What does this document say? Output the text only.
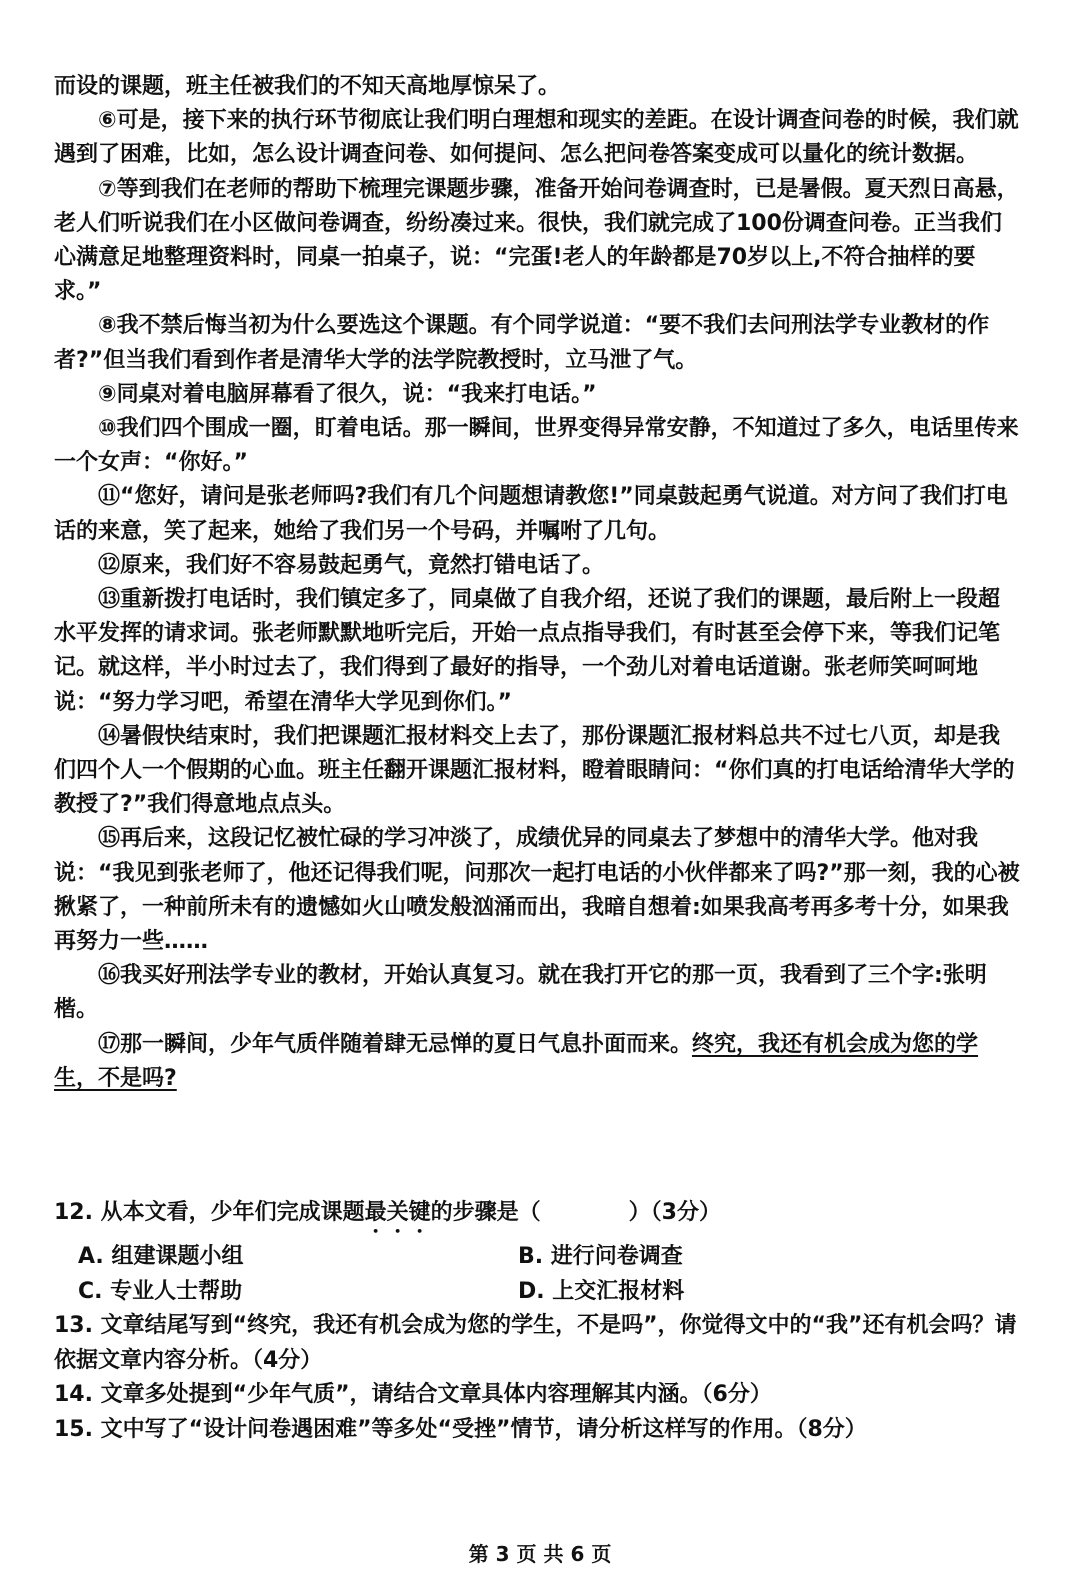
而设的课题，班主任被我们的不知天高地厚惊呆了。

⑥可是，接下来的执行环节彻底让我们明白理想和现实的差距。在设计调查问卷的时候，我们就遇到了困难，比如，怎么设计调查问卷、如何提问、怎么把问卷答案变成可以量化的统计数据。

⑦等到我们在老师的帮助下梳理完课题步骤，准备开始问卷调查时，已是暑假。夏天烈日高悬，老人们听说我们在小区做问卷调查，纷纷凑过来。很快，我们就完成了100份调查问卷。正当我们心满意足地整理资料时，同桌一拍桌子，说：“完蛋!老人的年龄都是70岁以上,不符合抽样的要求。”

⑧我不禁后悔当初为什么要选这个课题。有个同学说道：“要不我们去问刑法学专业教材的作者?”但当我们看到作者是清华大学的法学院教授时，立马泄了气。

⑨同桌对着电脑屏幕看了很久，说：“我来打电话。”

⑩我们四个围成一圈，盯着电话。那一瞬间，世界变得异常安静，不知道过了多久，电话里传来一个女声：“你好。”

⑪“您好，请问是张老师吗?我们有几个问题想请教您!”同桌鼓起勇气说道。对方问了我们打电话的来意，笑了起来，她给了我们另一个号码，并嘱咐了几句。

⑫原来，我们好不容易鼓起勇气，竟然打错电话了。

⑬重新拨打电话时，我们镇定多了，同桌做了自我介绍，还说了我们的课题，最后附上一段超水平发挥的请求词。张老师默默地听完后，开始一点点指导我们，有时甚至会停下来，等我们记笔记。就这样，半小时过去了，我们得到了最好的指导，一个劲儿对着电话道谢。张老师笑呵呵地说：“努力学习吧，希望在清华大学见到你们。”

⑭暑假快结束时，我们把课题汇报材料交上去了，那份课题汇报材料总共不过七八页，却是我们四个人一个假期的心血。班主任翻开课题汇报材料，瞪着眼睛问：“你们真的打电话给清华大学的教授了?”我们得意地点点头。

⑮再后来，这段记忆被忙碌的学习冲淡了，成绩优异的同桌去了梦想中的清华大学。他对我说：“我见到张老师了，他还记得我们呢，问那次一起打电话的小伙伴都来了吗?”那一刻，我的心被揪紧了，一种前所未有的遗憾如火山喷发般汹涌而出，我暗自想着:如果我高考再多考十分，如果我再努力一些……

⑯我买好刑法学专业的教材，开始认真复习。就在我打开它的那一页，我看到了三个字:张明楷。

⑰那一瞬间，少年气质伴随着肆无忌惮的夏日气息扑面而来。终究，我还有机会成为您的学生，不是吗?

12. 从本文看，少年们完成课题最关键的步骤是（　　　　）（3分）

A. 组建课题小组	B. 进行问卷调查
C. 专业人士帮助	D. 上交汇报材料

13. 文章结尾写到“终究，我还有机会成为您的学生，不是吗”，你觉得文中的“我”还有机会吗？请依据文章内容分析。（4分）

14. 文章多处提到“少年气质”，请结合文章具体内容理解其内涵。（6分）

15. 文中写了“设计问卷遇困难”等多处“受挫”情节，请分析这样写的作用。（8分）

第 3 页 共 6 页
